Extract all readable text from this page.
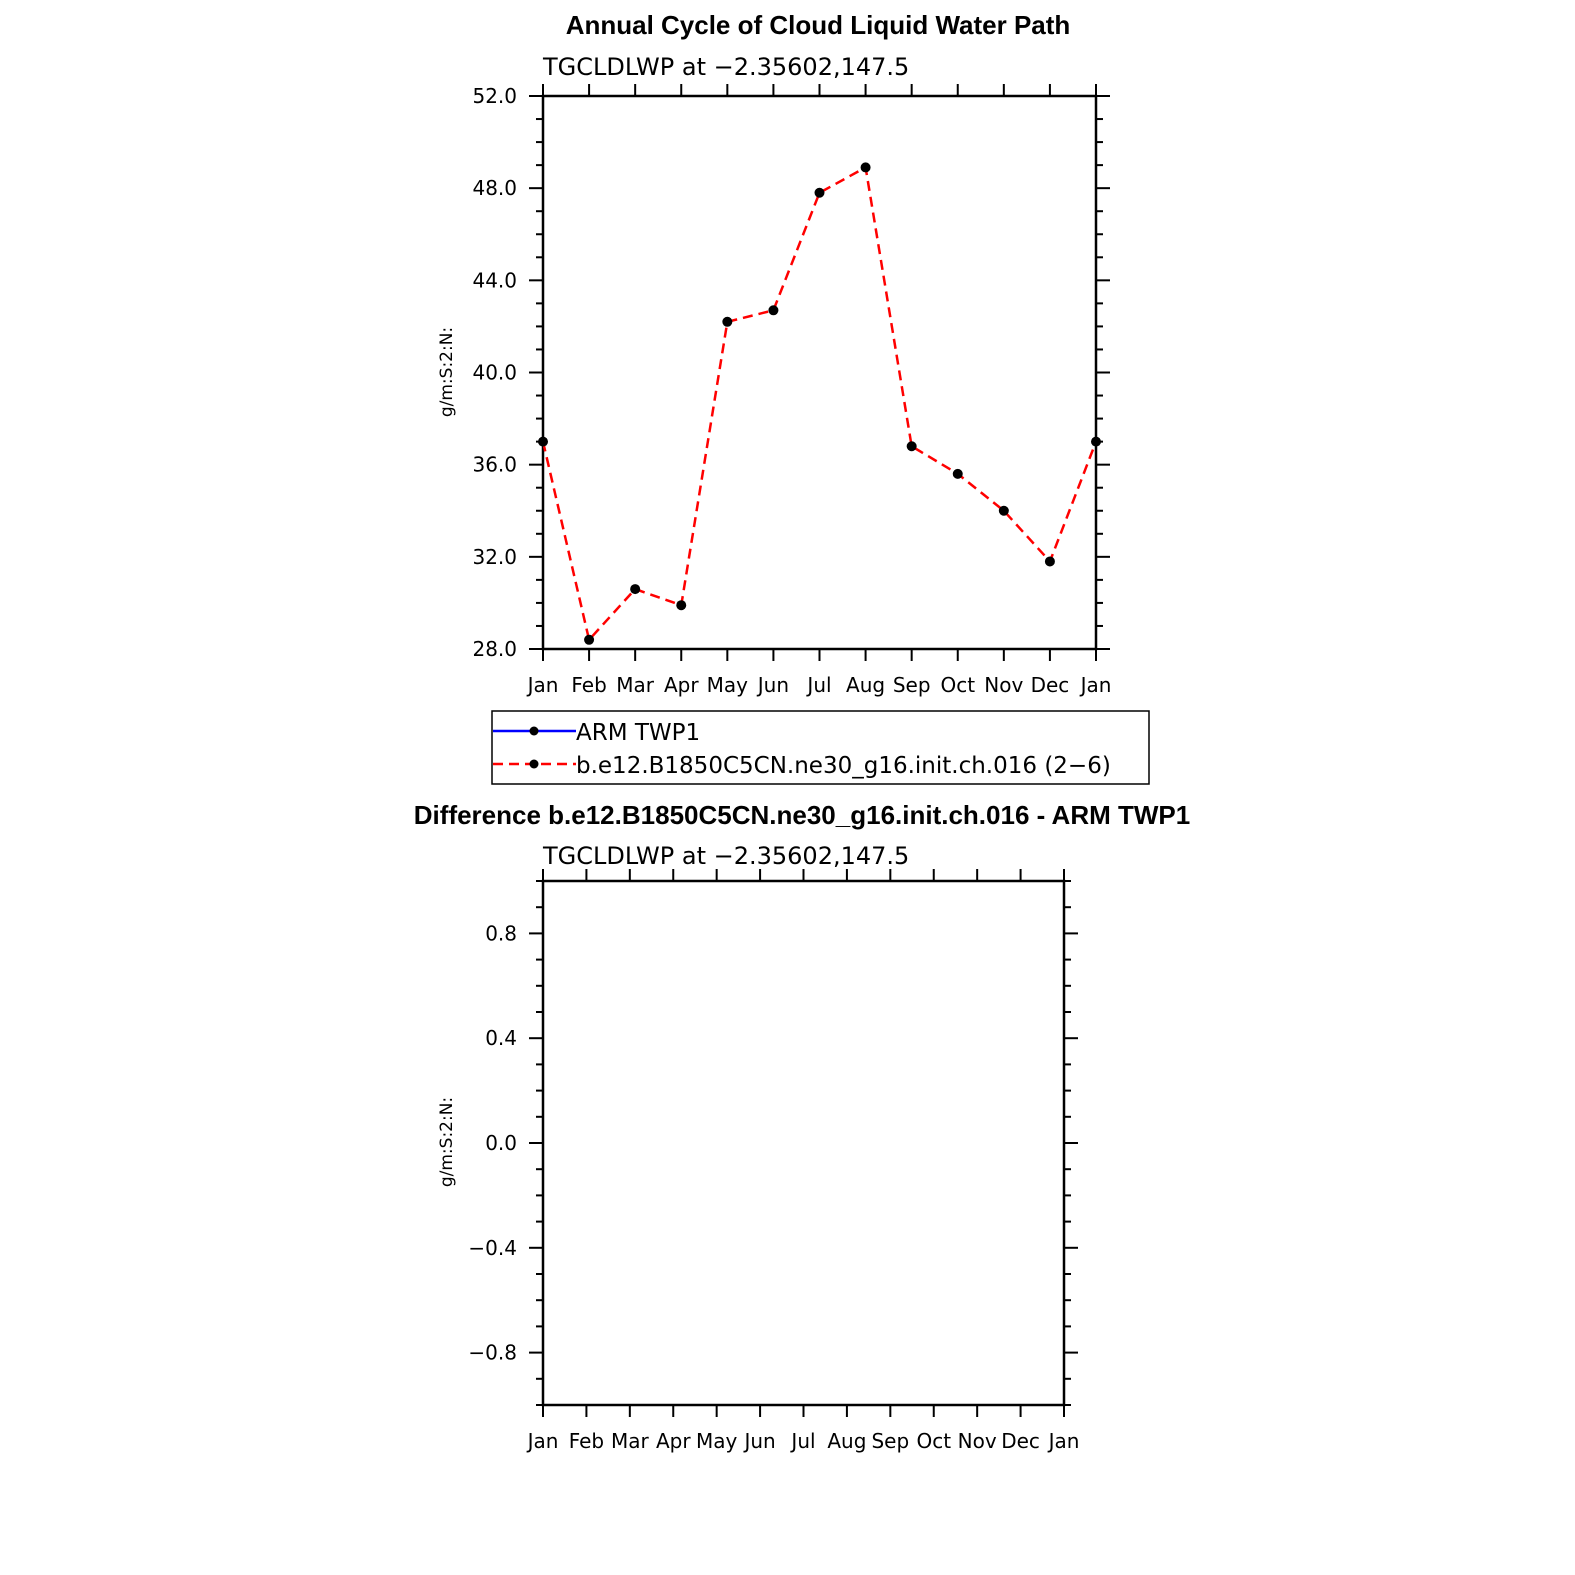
Annual Cycle of Cloud Liquid Water Path
TGCLDLWP at −2.35602,147.5
g/m:S:2:N:
28.0
32.0
36.0
40.0
44.0
48.0
52.0
Jan Feb Mar Apr May Jun Jul Aug Sep Oct Nov Dec Jan
ARM TWP1
b.e12.B1850C5CN.ne30_g16.init.ch.016 (2−6)
Difference b.e12.B1850C5CN.ne30_g16.init.ch.016 - ARM TWP1
TGCLDLWP at −2.35602,147.5
g/m:S:2:N:
−0.8
−0.4
0.0
0.4
0.8
Jan Feb Mar Apr May Jun Jul Aug Sep Oct Nov Dec Jan
